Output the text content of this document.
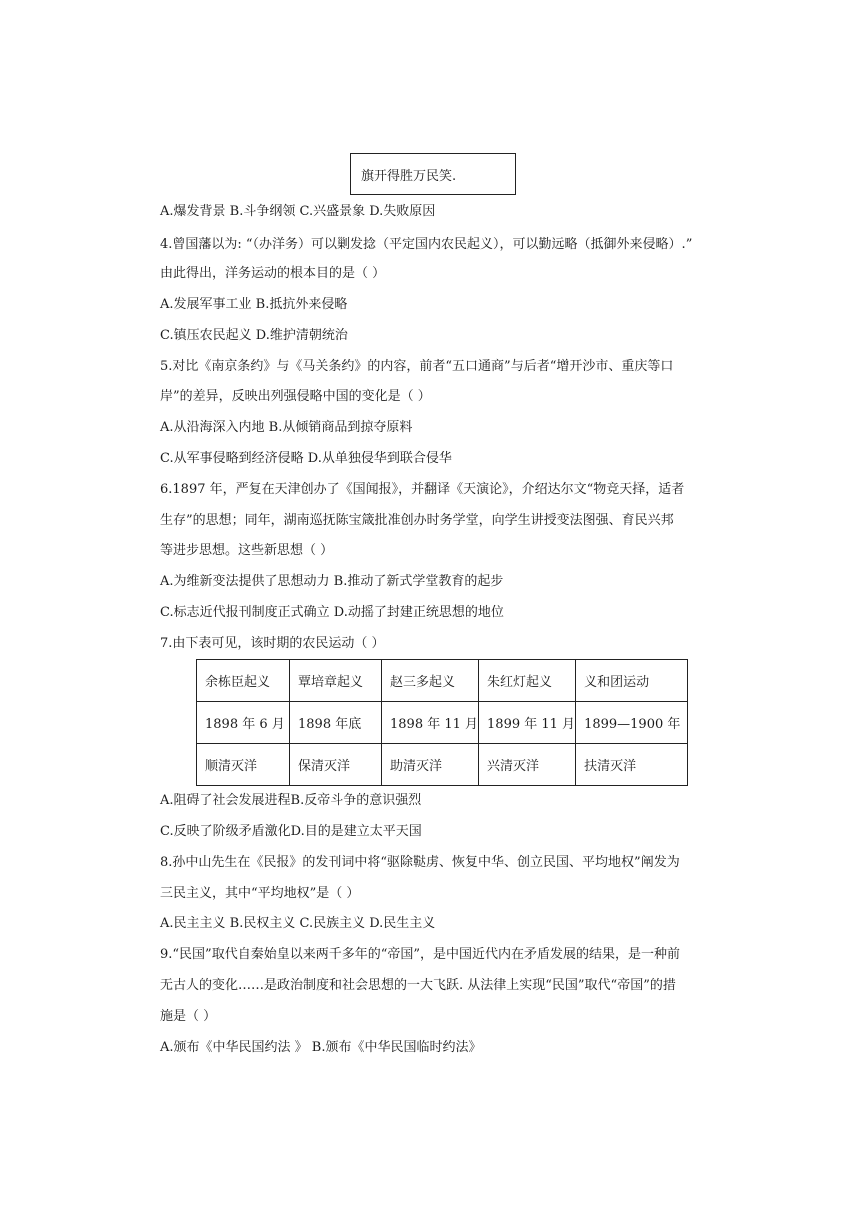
旗开得胜万民笑.
A.爆发背景 B.斗争纲领 C.兴盛景象 D.失败原因
4.曾国藩以为: “（办洋务）可以剿发捻（平定国内农民起义），可以勤远略（抵御外来侵略）.”
由此得出，洋务运动的根本目的是（ ）
A.发展军事工业 B.抵抗外来侵略
C.镇压农民起义 D.维护清朝统治
5.对比《南京条约》与《马关条约》的内容，前者“五口通商”与后者“增开沙市、重庆等口
岸”的差异，反映出列强侵略中国的变化是（ ）
A.从沿海深入内地 B.从倾销商品到掠夺原料
C.从军事侵略到经济侵略 D.从单独侵华到联合侵华
6.1897 年，严复在天津创办了《国闻报》，并翻译《天演论》，介绍达尔文“物竞天择，适者
生存”的思想；同年，湖南巡抚陈宝箴批准创办时务学堂，向学生讲授变法图强、育民兴邦
等进步思想。这些新思想（ ）
A.为维新变法提供了思想动力 B.推动了新式学堂教育的起步
C.标志近代报刊制度正式确立 D.动摇了封建正统思想的地位
7.由下表可见，该时期的农民运动（ ）
余栋臣起义	覃培章起义	赵三多起义	朱红灯起义	义和团运动
1898 年 6 月	1898 年底	1898 年 11 月	1899 年 11 月	1899—1900 年
顺清灭洋	保清灭洋	助清灭洋	兴清灭洋	扶清灭洋
A.阻碍了社会发展进程B.反帝斗争的意识强烈
C.反映了阶级矛盾激化D.目的是建立太平天国
8.孙中山先生在《民报》的发刊词中将“驱除鞑虏、恢复中华、创立民国、平均地权”阐发为
三民主义，其中“平均地权”是（ ）
A.民主主义 B.民权主义 C.民族主义 D.民生主义
9.“民国”取代自秦始皇以来两千多年的“帝国”，是中国近代内在矛盾发展的结果，是一种前
无古人的变化……是政治制度和社会思想的一大飞跃. 从法律上实现“民国”取代“帝国”的措
施是（ ）
A.颁布《中华民国约法 》 B.颁布《中华民国临时约法》
